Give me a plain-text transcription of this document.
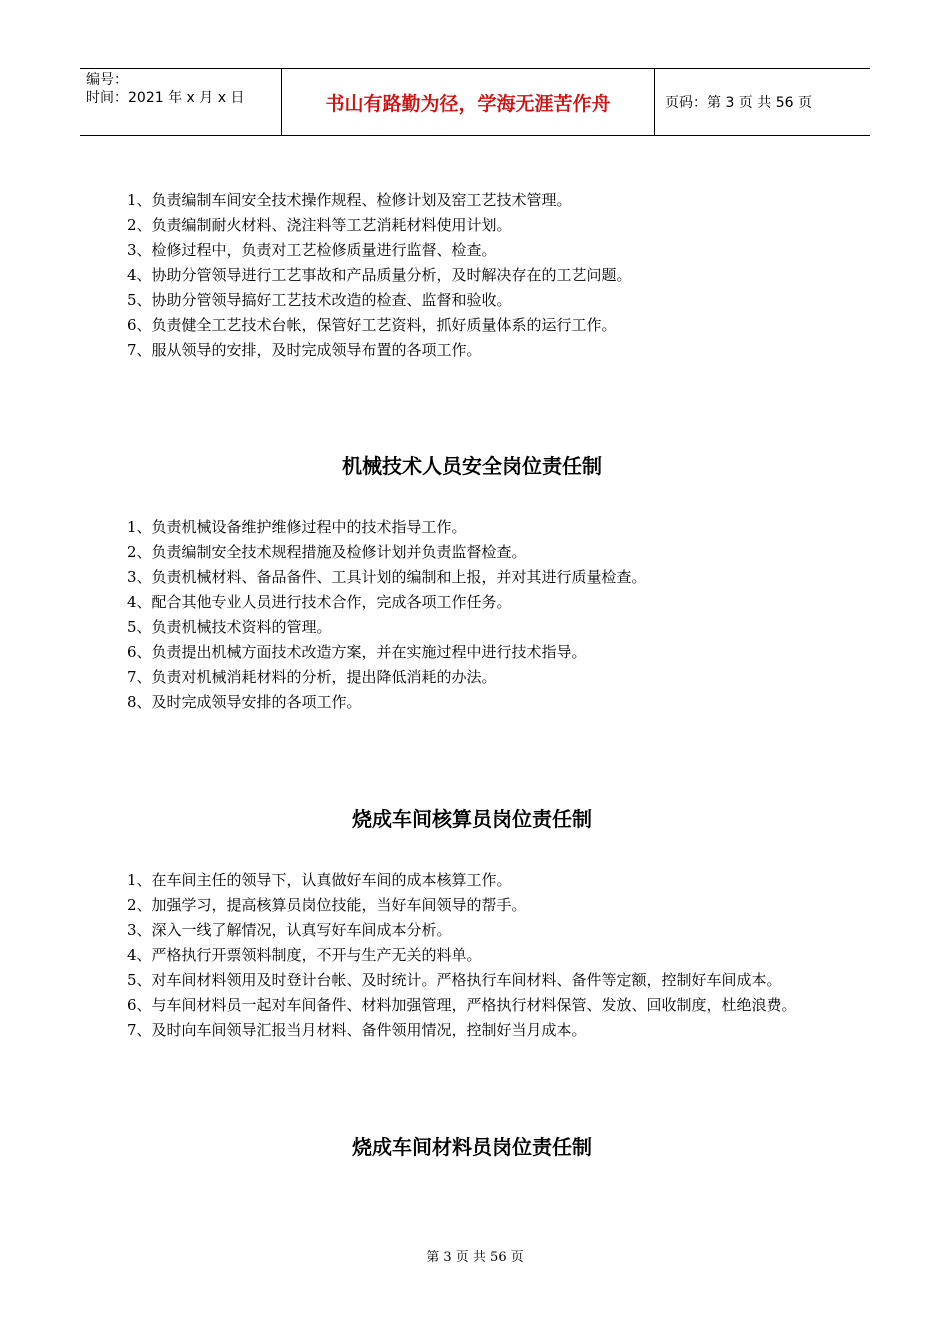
编号：
时间：2021 年 x 月 x 日	书山有路勤为径，学海无涯苦作舟	页码：第 3 页 共 56 页

1、负责编制车间安全技术操作规程、检修计划及窑工艺技术管理。

2、负责编制耐火材料、浇注料等工艺消耗材料使用计划。

3、检修过程中，负责对工艺检修质量进行监督、检查。

4、协助分管领导进行工艺事故和产品质量分析，及时解决存在的工艺问题。

5、协助分管领导搞好工艺技术改造的检查、监督和验收。

6、负责健全工艺技术台帐，保管好工艺资料，抓好质量体系的运行工作。

7、服从领导的安排，及时完成领导布置的各项工作。

机械技术人员安全岗位责任制

1、负责机械设备维护维修过程中的技术指导工作。

2、负责编制安全技术规程措施及检修计划并负责监督检查。

3、负责机械材料、备品备件、工具计划的编制和上报，并对其进行质量检查。

4、配合其他专业人员进行技术合作，完成各项工作任务。

5、负责机械技术资料的管理。

6、负责提出机械方面技术改造方案，并在实施过程中进行技术指导。

7、负责对机械消耗材料的分析，提出降低消耗的办法。

8、及时完成领导安排的各项工作。

烧成车间核算员岗位责任制

1、在车间主任的领导下，认真做好车间的成本核算工作。

2、加强学习，提高核算员岗位技能，当好车间领导的帮手。

3、深入一线了解情况，认真写好车间成本分析。

4、严格执行开票领料制度，不开与生产无关的料单。

5、对车间材料领用及时登计台帐、及时统计。严格执行车间材料、备件等定额，控制好车间成本。

6、与车间材料员一起对车间备件、材料加强管理，严格执行材料保管、发放、回收制度，杜绝浪费。

7、及时向车间领导汇报当月材料、备件领用情况，控制好当月成本。

烧成车间材料员岗位责任制
第 3 页 共 56 页
